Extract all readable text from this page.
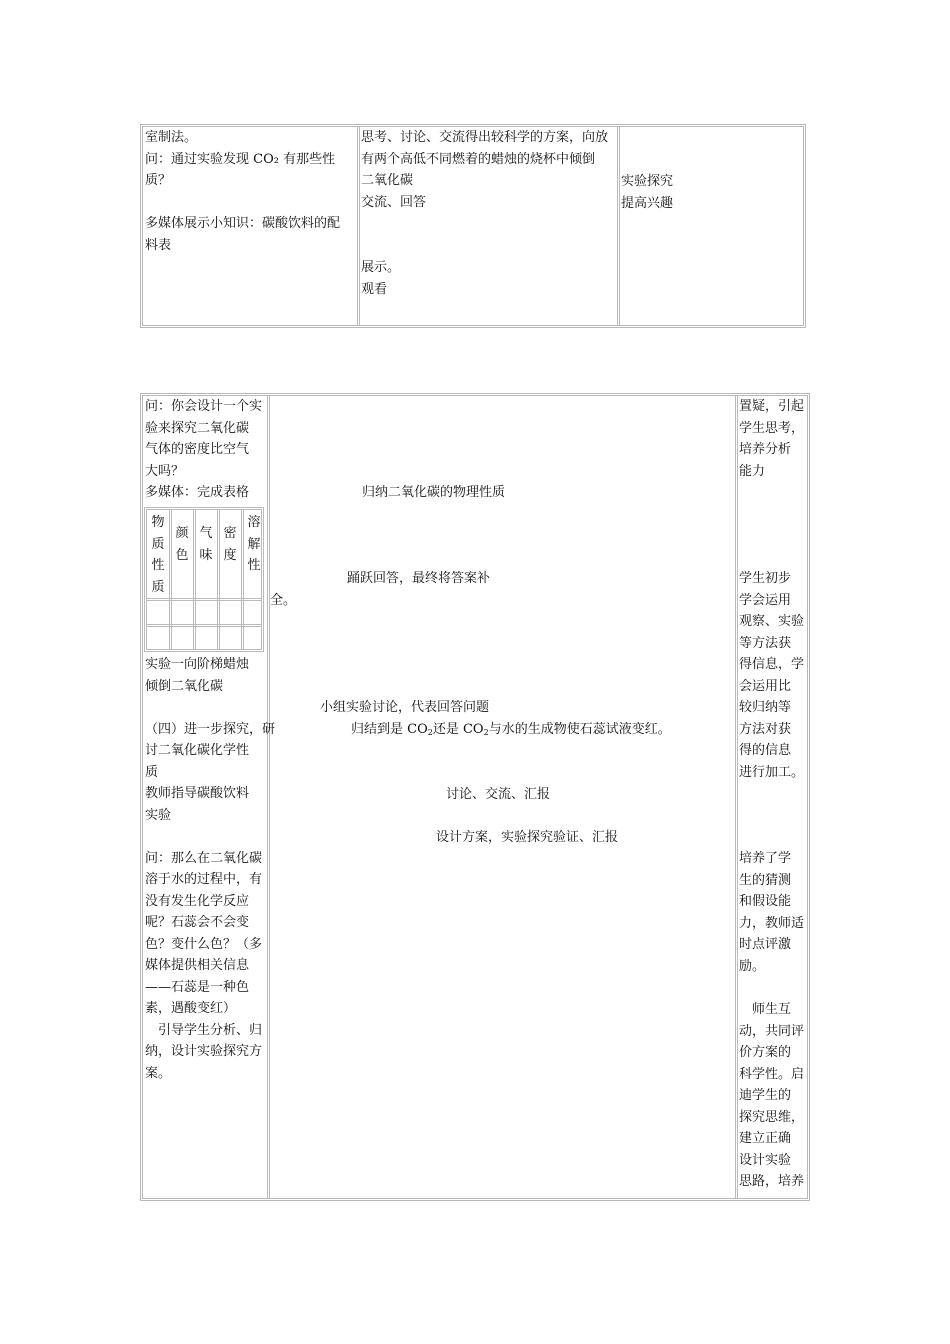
室制法。
问：通过实验发现 CO₂ 有那些性
质？
多媒体展示小知识：碳酸饮料的配
料表
思考、讨论、交流得出较科学的方案，向放
有两个高低不同燃着的蜡烛的烧杯中倾倒
二氧化碳
交流、回答
展示。
观看
实验探究
提高兴趣
问：你会设计一个实
验来探究二氧化碳
气体的密度比空气
大吗？
多媒体：完成表格
物质性质
颜色
气味
密度
溶解性
实验一向阶梯蜡烛
倾倒二氧化碳
（四）进一步探究，研
讨二氧化碳化学性
质
教师指导碳酸饮料
实验
问：那么在二氧化碳
溶于水的过程中，有
没有发生化学反应
呢？石蕊会不会变
色？变什么色？（多
媒体提供相关信息
——石蕊是一种色
素，遇酸变红）
　引导学生分析、归
纳，设计实验探究方
案。
归纳二氧化碳的物理性质
踊跃回答，最终将答案补
全。
小组实验讨论，代表回答问题
归结到是 $CO_2$还是 $CO_2$与水的生成物使石蕊试液变红。
讨论、交流、汇报
设计方案，实验探究验证、汇报
置疑，引起
学生思考，
培养分析
能力
学生初步
学会运用
观察、实验
等方法获
得信息，学
会运用比
较归纳等
方法对获
得的信息
进行加工。
培养了学
生的猜测
和假设能
力，教师适
时点评激
励。
　师生互
动，共同评
价方案的
科学性。启
迪学生的
探究思维，
建立正确
设计实验
思路，培养
